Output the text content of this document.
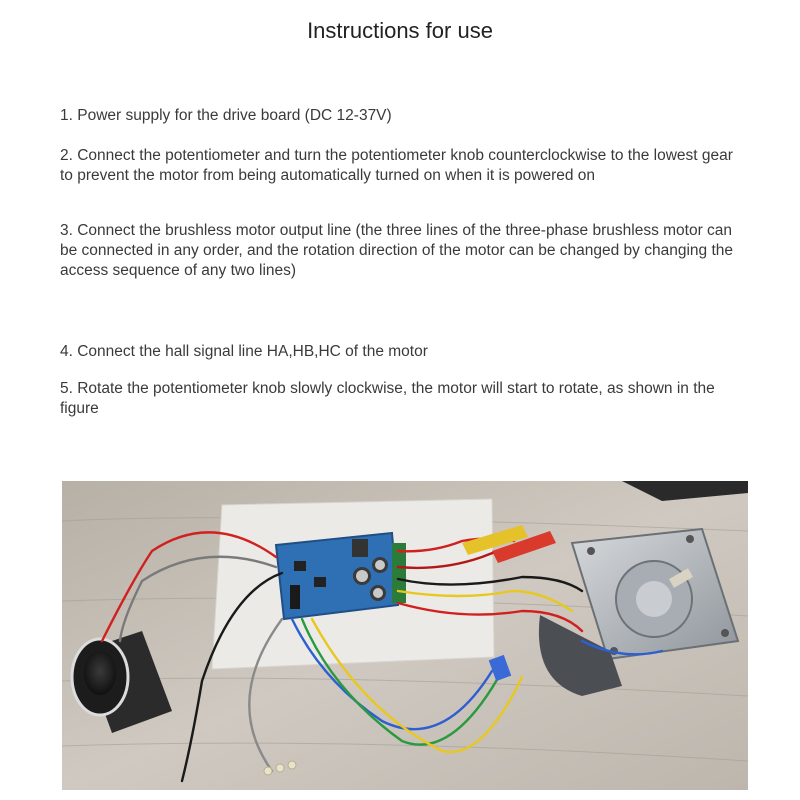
Instructions for use
1. Power supply for the drive board (DC 12-37V)
2. Connect the potentiometer and turn the potentiometer knob counterclockwise to the lowest gear to prevent the motor from being automatically turned on when it is powered on
3. Connect the brushless motor output line (the three lines of the three-phase brushless motor can be connected in any order, and the rotation direction of the motor can be changed by changing the access sequence of any two lines)
4. Connect the hall signal line HA,HB,HC of the motor
5. Rotate the potentiometer knob slowly clockwise, the motor will start to rotate, as shown in the figure
